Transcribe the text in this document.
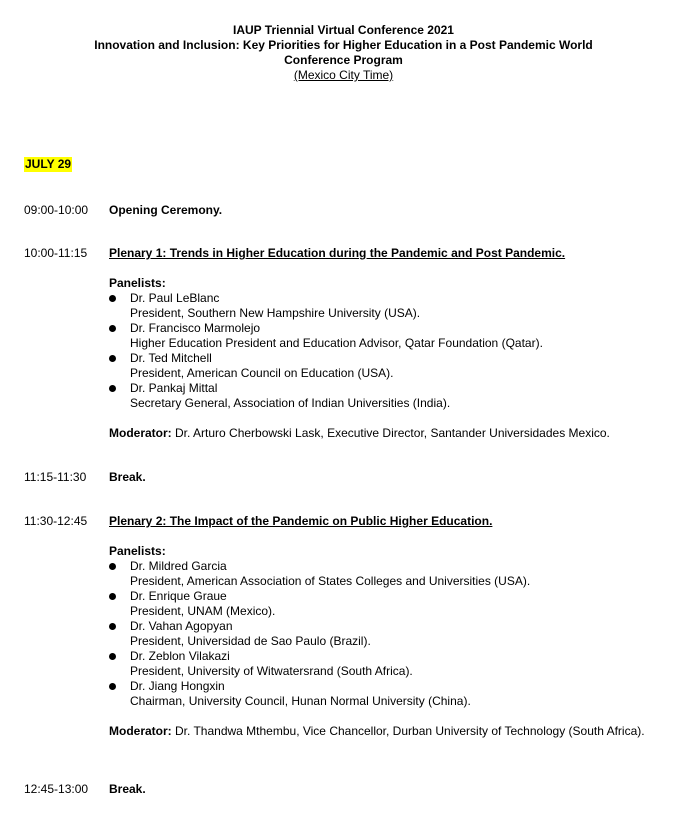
IAUP Triennial Virtual Conference 2021
Innovation and Inclusion: Key Priorities for Higher Education in a Post Pandemic World
Conference Program
(Mexico City Time)
JULY 29
09:00-10:00 Opening Ceremony.
10:00-11:15 Plenary 1: Trends in Higher Education during the Pandemic and Post Pandemic.
Panelists:
Dr. Paul LeBlanc
President, Southern New Hampshire University (USA).
Dr. Francisco Marmolejo
Higher Education President and Education Advisor, Qatar Foundation (Qatar).
Dr. Ted Mitchell
President, American Council on Education (USA).
Dr. Pankaj Mittal
Secretary General, Association of Indian Universities (India).
Moderator: Dr. Arturo Cherbowski Lask, Executive Director, Santander Universidades Mexico.
11:15-11:30 Break.
11:30-12:45 Plenary 2: The Impact of the Pandemic on Public Higher Education.
Panelists:
Dr. Mildred Garcia
President, American Association of States Colleges and Universities (USA).
Dr. Enrique Graue
President, UNAM (Mexico).
Dr. Vahan Agopyan
President, Universidad de Sao Paulo (Brazil).
Dr. Zeblon Vilakazi
President, University of Witwatersrand (South Africa).
Dr. Jiang Hongxin
Chairman, University Council, Hunan Normal University (China).
Moderator: Dr. Thandwa Mthembu, Vice Chancellor, Durban University of Technology (South Africa).
12:45-13:00 Break.
